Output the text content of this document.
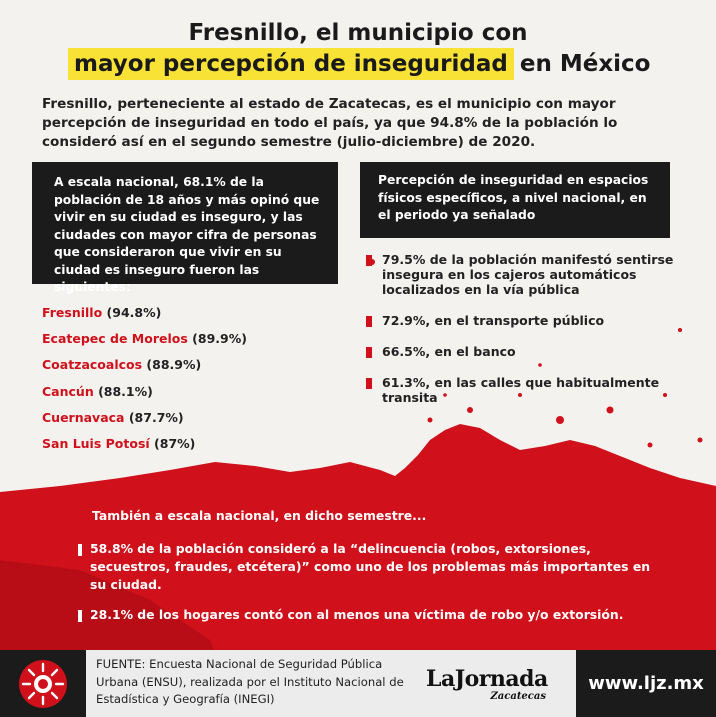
Fresnillo, el municipio con
mayor percepción de inseguridad en México
Fresnillo, perteneciente al estado de Zacatecas, es el municipio con mayor percepción de inseguridad en todo el país, ya que 94.8% de la población lo consideró así en el segundo semestre (julio-diciembre) de 2020.
A escala nacional, 68.1% de la población de 18 años y más opinó que vivir en su ciudad es inseguro, y las ciudades con mayor cifra de personas que consideraron que vivir en su ciudad es inseguro fueron las siguientes:
Percepción de inseguridad en espacios físicos específicos, a nivel nacional, en el periodo ya señalado
Fresnillo (94.8%)
Ecatepec de Morelos (89.9%)
Coatzacoalcos (88.9%)
Cancún (88.1%)
Cuernavaca (87.7%)
San Luis Potosí (87%)
79.5% de la población manifestó sentirse insegura en los cajeros automáticos localizados en la vía pública
72.9%, en el transporte público
66.5%, en el banco
61.3%, en las calles que habitualmente transita
También a escala nacional, en dicho semestre...
58.8% de la población consideró a la “delincuencia (robos, extorsiones, secuestros, fraudes, etcétera)” como uno de los problemas más importantes en su ciudad.
28.1% de los hogares contó con al menos una víctima de robo y/o extorsión.
FUENTE: Encuesta Nacional de Seguridad Pública Urbana (ENSU), realizada por el Instituto Nacional de Estadística y Geografía (INEGI)
LaJornada
Zacatecas
www.ljz.mx
